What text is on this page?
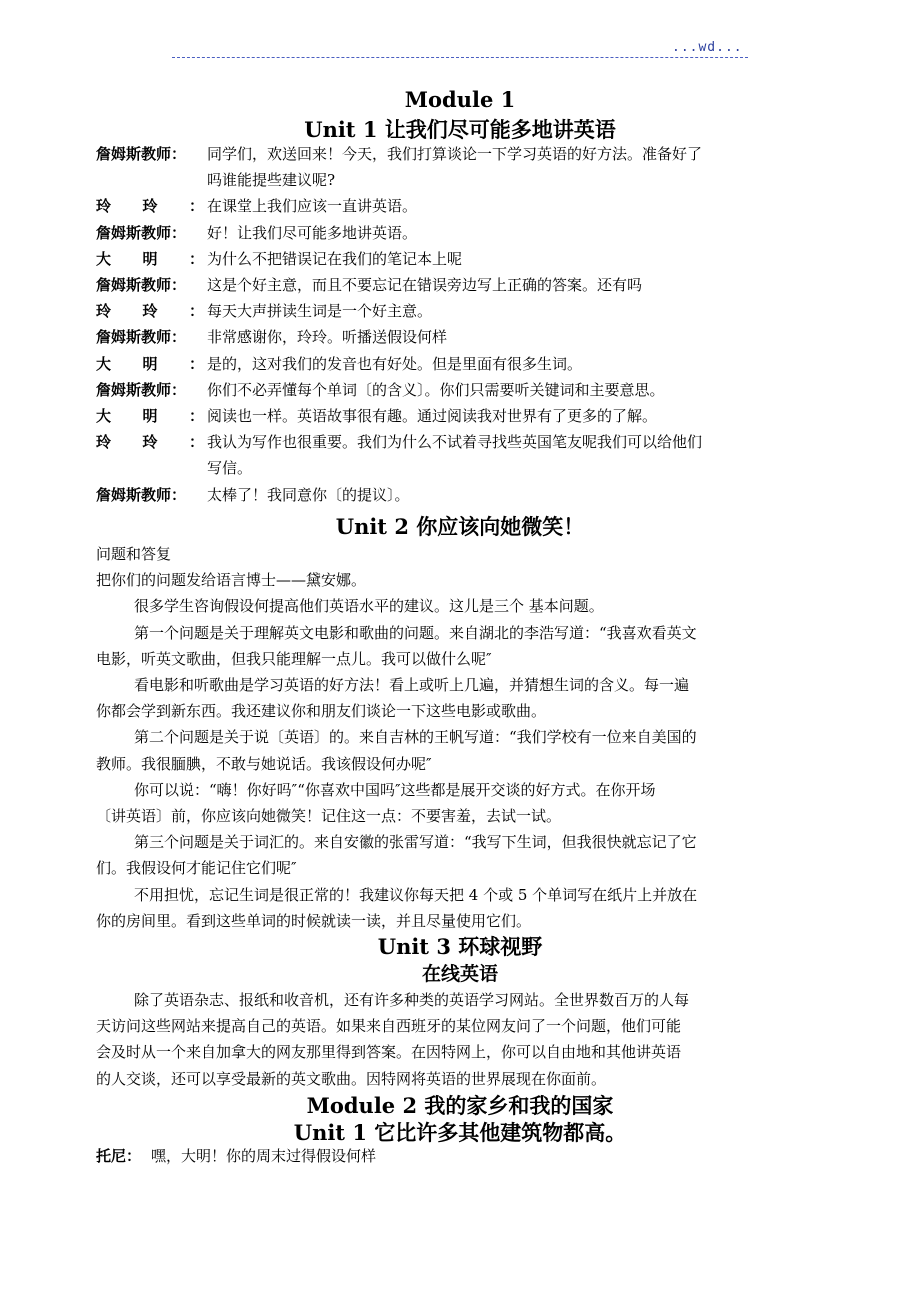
...wd...
Module 1
Unit 1 让我们尽可能多地讲英语
詹姆斯教师：	同学们，欢送回来！今天，我们打算谈论一下学习英语的好方法。准备好了
吗谁能提些建议呢?
玲玲： 在课堂上我们应该一直讲英语。
詹姆斯教师：	好！让我们尽可能多地讲英语。
大明： 为什么不把错误记在我们的笔记本上呢
詹姆斯教师：	这是个好主意，而且不要忘记在错误旁边写上正确的答案。还有吗
玲玲： 每天大声拼读生词是一个好主意。
詹姆斯教师：	非常感谢你，玲玲。听播送假设何样
大明： 是的，这对我们的发音也有好处。但是里面有很多生词。
詹姆斯教师：	你们不必弄懂每个单词〔的含义〕。你们只需要听关键词和主要意思。
大明： 阅读也一样。英语故事很有趣。通过阅读我对世界有了更多的了解。
玲玲： 我认为写作也很重要。我们为什么不试着寻找些英国笔友呢我们可以给他们
写信。
詹姆斯教师：	太棒了！我同意你〔的提议〕。
Unit 2 你应该向她微笑！
问题和答复
把你们的问题发给语言博士——黛安娜。
很多学生咨询假设何提高他们英语水平的建议。这儿是三个 基本问题。
第一个问题是关于理解英文电影和歌曲的问题。来自湖北的李浩写道：“我喜欢看英文
电影，听英文歌曲，但我只能理解一点儿。我可以做什么呢″
看电影和听歌曲是学习英语的好方法！看上或听上几遍，并猜想生词的含义。每一遍
你都会学到新东西。我还建议你和朋友们谈论一下这些电影或歌曲。
第二个问题是关于说〔英语〕的。来自吉林的王帆写道：“我们学校有一位来自美国的
教师。我很腼腆，不敢与她说话。我该假设何办呢″
你可以说：“嗨！你好吗″“你喜欢中国吗″这些都是展开交谈的好方式。在你开场
〔讲英语〕前，你应该向她微笑！记住这一点：不要害羞，去试一试。
第三个问题是关于词汇的。来自安徽的张雷写道：“我写下生词，但我很快就忘记了它
们。我假设何才能记住它们呢″
不用担忧，忘记生词是很正常的！我建议你每天把 4 个或 5 个单词写在纸片上并放在
你的房间里。看到这些单词的时候就读一读，并且尽量使用它们。
Unit 3 环球视野
在线英语
除了英语杂志、报纸和收音机，还有许多种类的英语学习网站。全世界数百万的人每
天访问这些网站来提高自己的英语。如果来自西班牙的某位网友问了一个问题，他们可能
会及时从一个来自加拿大的网友那里得到答案。在因特网上，你可以自由地和其他讲英语
的人交谈，还可以享受最新的英文歌曲。因特网将英语的世界展现在你面前。
Module 2 我的家乡和我的国家
Unit 1 它比许多其他建筑物都高。
托尼： 嘿，大明！你的周末过得假设何样
